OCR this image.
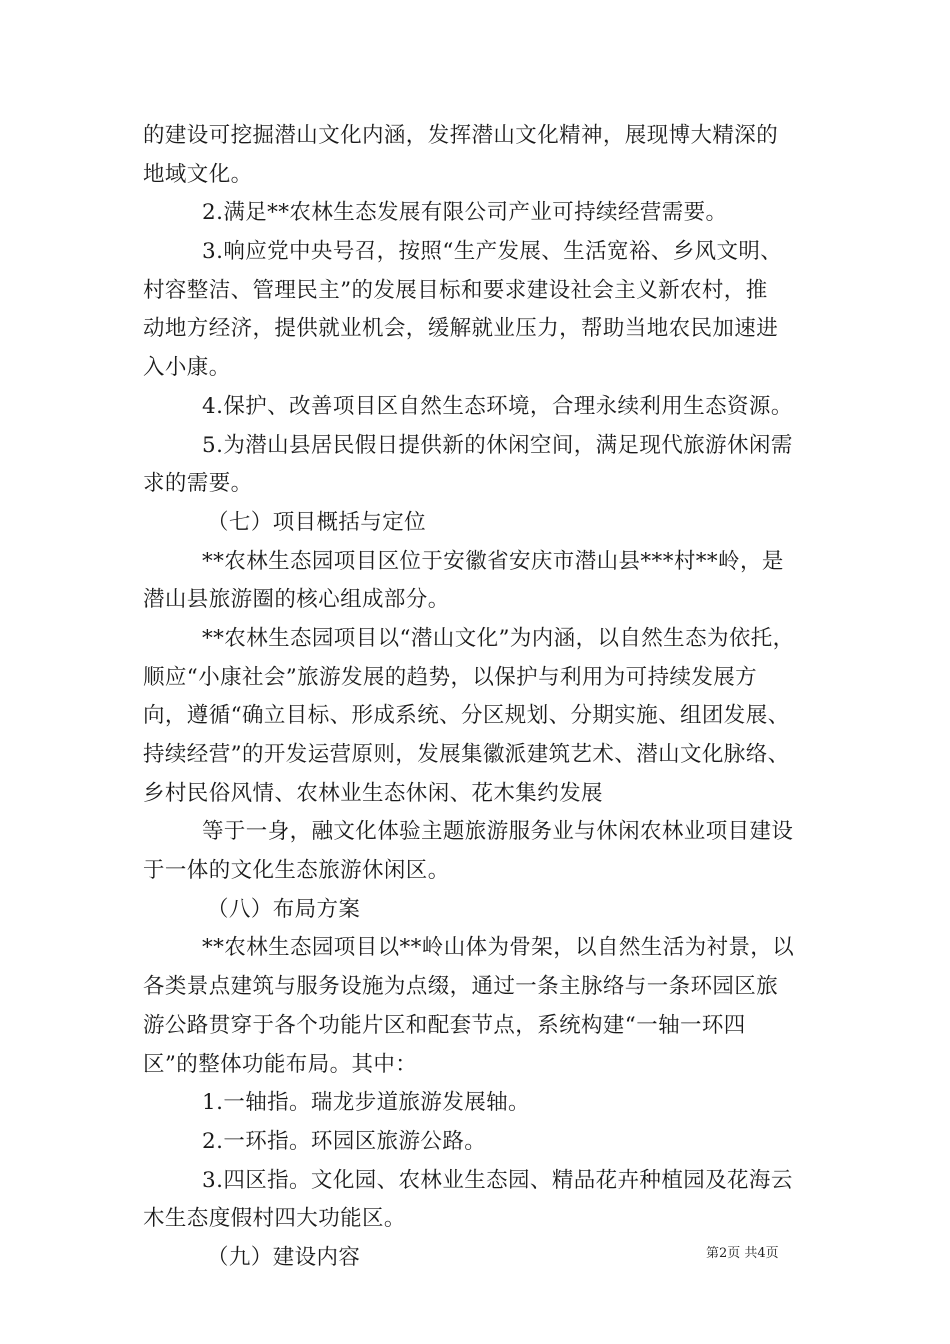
的建设可挖掘潜山文化内涵，发挥潜山文化精神，展现博大精深的
地域文化。
2.满足**农林生态发展有限公司产业可持续经营需要。
3.响应党中央号召，按照“生产发展、生活宽裕、乡风文明、
村容整洁、管理民主”的发展目标和要求建设社会主义新农村，推
动地方经济，提供就业机会，缓解就业压力，帮助当地农民加速进
入小康。
4.保护、改善项目区自然生态环境，合理永续利用生态资源。
5.为潜山县居民假日提供新的休闲空间，满足现代旅游休闲需
求的需要。
（七）项目概括与定位
**农林生态园项目区位于安徽省安庆市潜山县***村**岭，是
潜山县旅游圈的核心组成部分。
**农林生态园项目以“潜山文化”为内涵，以自然生态为依托，
顺应“小康社会”旅游发展的趋势，以保护与利用为可持续发展方
向，遵循“确立目标、形成系统、分区规划、分期实施、组团发展、
持续经营”的开发运营原则，发展集徽派建筑艺术、潜山文化脉络、
乡村民俗风情、农林业生态休闲、花木集约发展
等于一身，融文化体验主题旅游服务业与休闲农林业项目建设
于一体的文化生态旅游休闲区。
（八）布局方案
**农林生态园项目以**岭山体为骨架，以自然生活为衬景，以
各类景点建筑与服务设施为点缀，通过一条主脉络与一条环园区旅
游公路贯穿于各个功能片区和配套节点，系统构建“一轴一环四
区”的整体功能布局。其中：
1.一轴指。瑞龙步道旅游发展轴。
2.一环指。环园区旅游公路。
3.四区指。文化园、农林业生态园、精品花卉种植园及花海云
木生态度假村四大功能区。
（九）建设内容	第2页 共4页
